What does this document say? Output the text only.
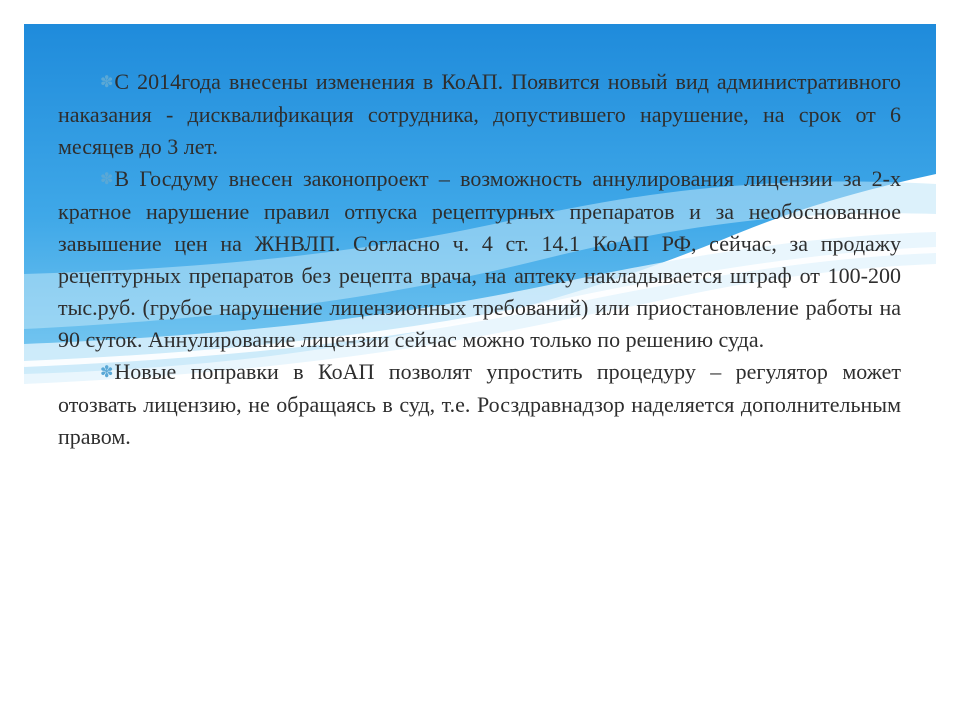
✽С 2014года внесены изменения в КоАП. Появится новый вид административного наказания - дисквалификация сотрудника, допустившего нарушение, на срок от 6 месяцев до 3 лет.

✽В Госдуму внесен законопроект – возможность аннулирования лицензии за 2-х кратное нарушение правил отпуска рецептурных препаратов и за необоснованное завышение цен на ЖНВЛП. Согласно ч. 4 ст. 14.1 КоАП РФ, сейчас, за продажу рецептурных препаратов без рецепта врача, на аптеку накладывается штраф от 100-200 тыс.руб. (грубое нарушение лицензионных требований) или приостановление работы на 90 суток. Аннулирование лицензии сейчас можно только по решению суда.

✽Новые поправки в КоАП позволят упростить процедуру – регулятор может отозвать лицензию, не обращаясь в суд, т.е. Росздравнадзор наделяется дополнительным правом.
